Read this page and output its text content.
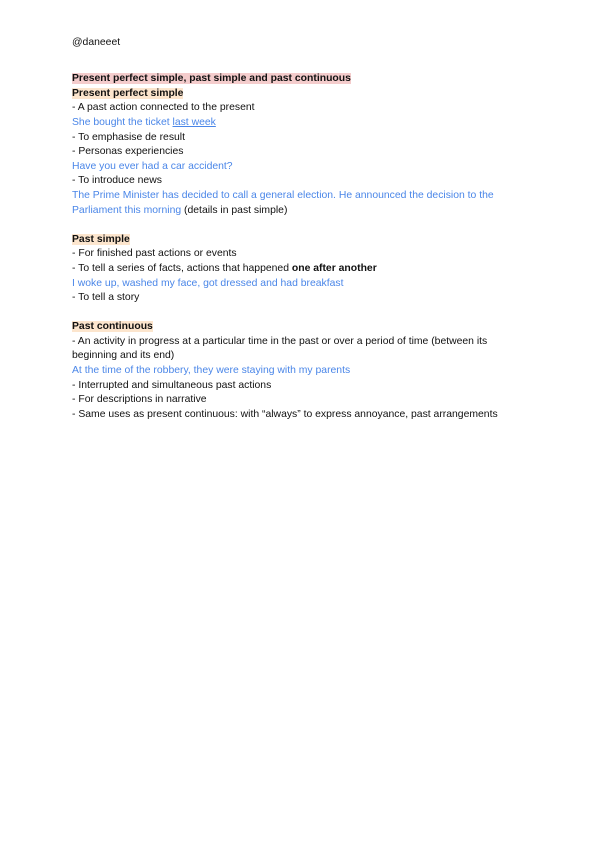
@daneeet
Present perfect simple, past simple and past continuous
Present perfect simple
- A past action connected to the present
She bought the ticket last week
- To emphasise de result
- Personas experiencies
Have you ever had a car accident?
- To introduce news
The Prime Minister has decided to call a general election. He announced the decision to the Parliament this morning (details in past simple)
Past simple
- For finished past actions or events
- To tell a series of facts, actions that happened one after another
I woke up, washed my face, got dressed and had breakfast
- To tell a story
Past continuous
- An activity in progress at a particular time in the past or over a period of time (between its beginning and its end)
At the time of the robbery, they were staying with my parents
- Interrupted and simultaneous past actions
- For descriptions in narrative
- Same uses as present continuous: with “always” to express annoyance, past arrangements
